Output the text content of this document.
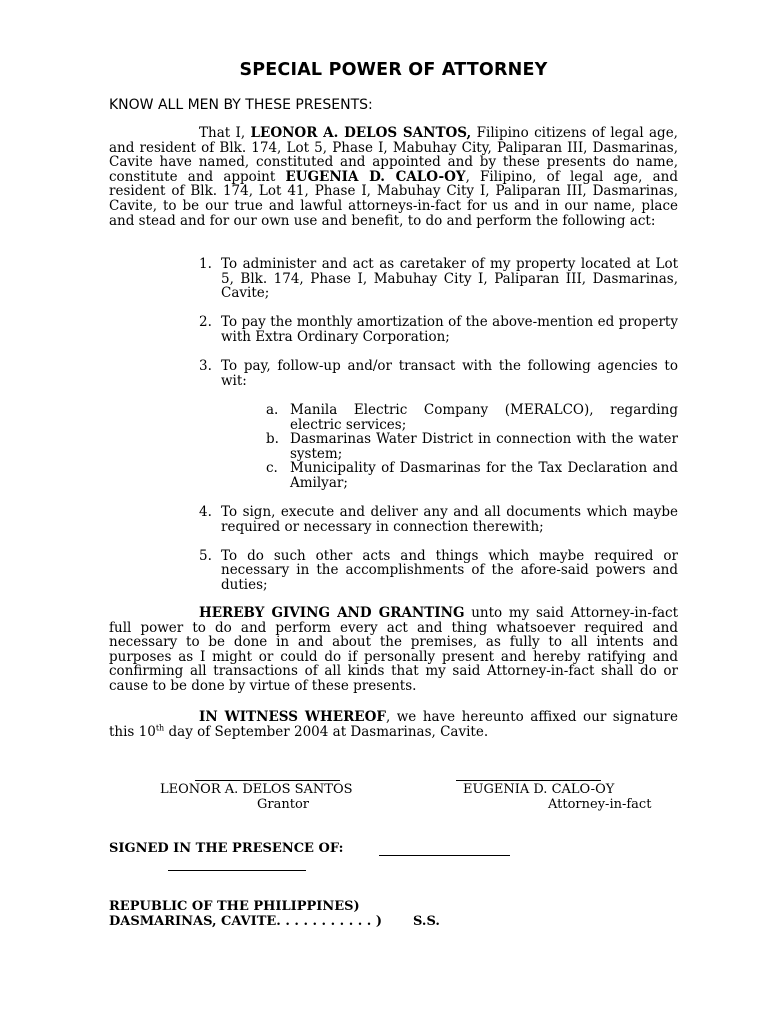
SPECIAL POWER OF ATTORNEY
KNOW ALL MEN BY THESE PRESENTS:
That I, LEONOR A. DELOS SANTOS, Filipino citizens of legal age, and resident of Blk. 174, Lot 5, Phase I, Mabuhay City, Paliparan III, Dasmarinas, Cavite have named, constituted and appointed and by these presents do name, constitute and appoint EUGENIA D. CALO-OY, Filipino, of legal age, and resident of Blk. 174, Lot 41, Phase I, Mabuhay City I, Paliparan III, Dasmarinas, Cavite, to be our true and lawful attorneys-in-fact for us and in our name, place and stead and for our own use and benefit, to do and perform the following act:
1. To administer and act as caretaker of my property located at Lot 5, Blk. 174, Phase I, Mabuhay City I, Paliparan III, Dasmarinas, Cavite;
2. To pay the monthly amortization of the above-mention ed property with Extra Ordinary Corporation;
3. To pay, follow-up and/or transact with the following agencies to wit:
a. Manila Electric Company (MERALCO), regarding electric services;
b. Dasmarinas Water District in connection with the water system;
c. Municipality of Dasmarinas for the Tax Declaration and Amilyar;
4. To sign, execute and deliver any and all documents which maybe required or necessary in connection therewith;
5. To do such other acts and things which maybe required or necessary in the accomplishments of the afore-said powers and duties;
HEREBY GIVING AND GRANTING unto my said Attorney-in-fact full power to do and perform every act and thing whatsoever required and necessary to be done in and about the premises, as fully to all intents and purposes as I might or could do if personally present and hereby ratifying and confirming all transactions of all kinds that my said Attorney-in-fact shall do or cause to be done by virtue of these presents.
IN WITNESS WHEREOF, we have hereunto affixed our signature this 10th day of September 2004 at Dasmarinas, Cavite.
LEONOR A. DELOS SANTOS
Grantor
EUGENIA D. CALO-OY
Attorney-in-fact
SIGNED IN THE PRESENCE OF:
REPUBLIC OF THE PHILIPPINES)
DASMARINAS, CAVITE. . . . . . . . . . . ) S.S.
